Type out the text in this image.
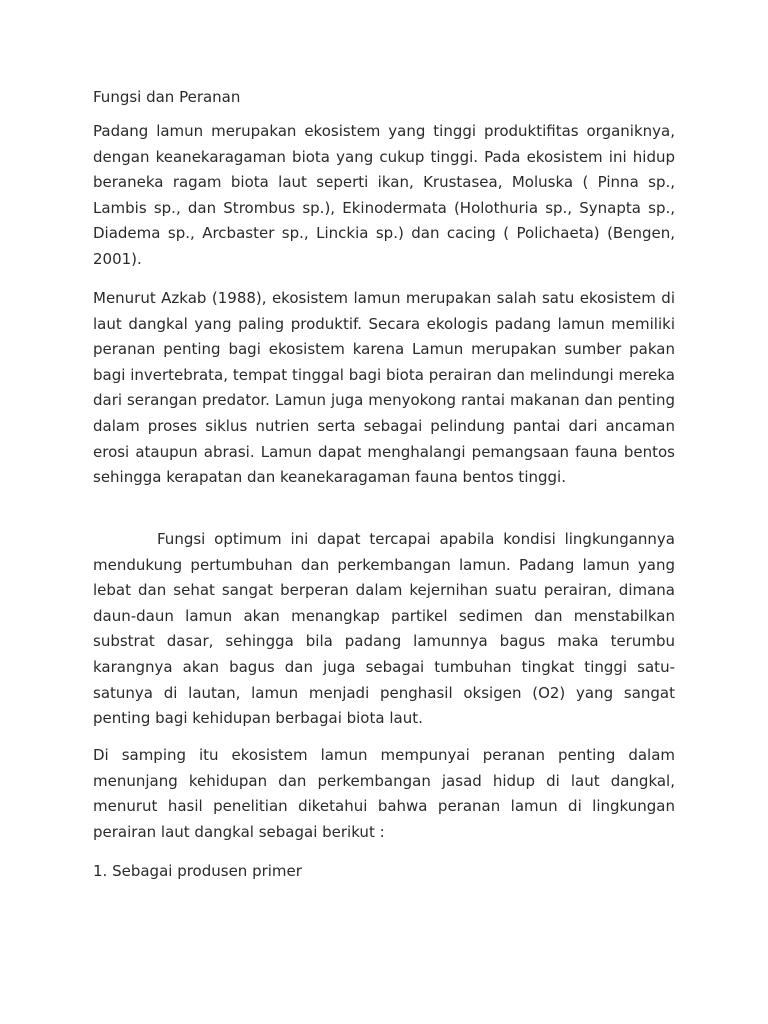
Fungsi dan Peranan

Padang lamun merupakan ekosistem yang tinggi produktifitas organiknya, dengan keanekaragaman biota yang cukup tinggi. Pada ekosistem ini hidup beraneka ragam biota laut seperti ikan, Krustasea, Moluska ( Pinna sp., Lambis sp., dan Strombus sp.), Ekinodermata (Holothuria sp., Synapta sp., Diadema sp., Arcbaster sp., Linckia sp.) dan cacing ( Polichaeta) (Bengen, 2001).

Menurut Azkab (1988), ekosistem lamun merupakan salah satu ekosistem di laut dangkal yang paling produktif. Secara ekologis padang lamun memiliki peranan penting bagi ekosistem karena Lamun merupakan sumber pakan bagi invertebrata, tempat tinggal bagi biota perairan dan melindungi mereka dari serangan predator. Lamun juga menyokong rantai makanan dan penting dalam proses siklus nutrien serta sebagai pelindung pantai dari ancaman erosi ataupun abrasi. Lamun dapat menghalangi pemangsaan fauna bentos sehingga kerapatan dan keanekaragaman fauna bentos tinggi.

Fungsi optimum ini dapat tercapai apabila kondisi lingkungannya mendukung pertumbuhan dan perkembangan lamun. Padang lamun yang lebat dan sehat sangat berperan dalam kejernihan suatu perairan, dimana daun-daun lamun akan menangkap partikel sedimen dan menstabilkan substrat dasar, sehingga bila padang lamunnya bagus maka terumbu karangnya akan bagus dan juga sebagai tumbuhan tingkat tinggi satu-satunya di lautan, lamun menjadi penghasil oksigen (O2) yang sangat penting bagi kehidupan berbagai biota laut.

Di samping itu ekosistem lamun mempunyai peranan penting dalam menunjang kehidupan dan perkembangan jasad hidup di laut dangkal, menurut hasil penelitian diketahui bahwa peranan lamun di lingkungan perairan laut dangkal sebagai berikut :

1. Sebagai produsen primer
